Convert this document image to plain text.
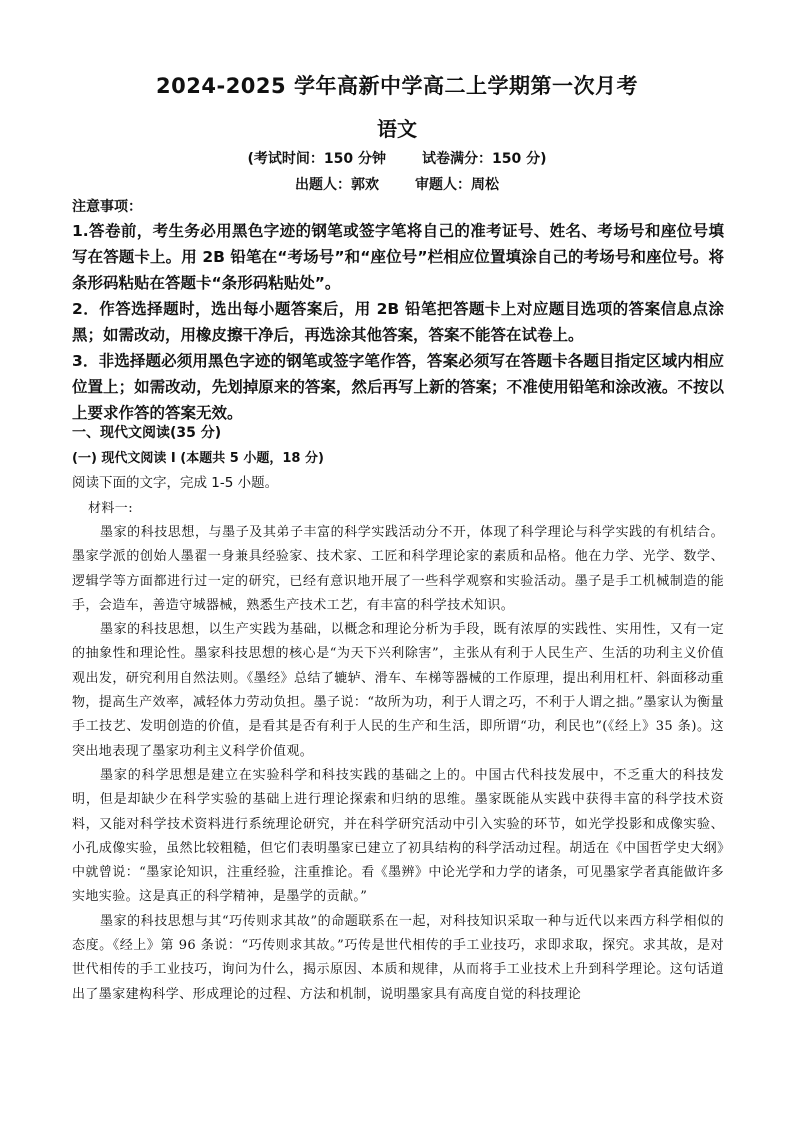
2024-2025 学年高新中学高二上学期第一次月考
语文
(考试时间：150 分钟	试卷满分：150 分)
出题人：郭欢	审题人：周松
注意事项：
1.答卷前，考生务必用黑色字迹的钢笔或签字笔将自己的准考证号、姓名、考场号和座位号填写在答题卡上。用 2B 铅笔在“考场号”和“座位号”栏相应位置填涂自己的考场号和座位号。将条形码粘贴在答题卡“条形码粘贴处”。
2．作答选择题时，选出每小题答案后，用 2B 铅笔把答题卡上对应题目选项的答案信息点涂黑；如需改动，用橡皮擦干净后，再选涂其他答案，答案不能答在试卷上。
3．非选择题必须用黑色字迹的钢笔或签字笔作答，答案必须写在答题卡各题目指定区域内相应位置上；如需改动，先划掉原来的答案，然后再写上新的答案；不准使用铅笔和涂改液。不按以上要求作答的答案无效。
一、现代文阅读(35 分)
(一) 现代文阅读 I (本题共 5 小题，18 分)
阅读下面的文字，完成 1-5 小题。
材料一:

墨家的科技思想，与墨子及其弟子丰富的科学实践活动分不开，体现了科学理论与科学实践的有机结合。墨家学派的创始人墨翟一身兼具经验家、技术家、工匠和科学理论家的素质和品格。他在力学、光学、数学、逻辑学等方面都进行过一定的研究，已经有意识地开展了一些科学观察和实验活动。墨子是手工机械制造的能手，会造车，善造守城器械，熟悉生产技术工艺，有丰富的科学技术知识。

墨家的科技思想，以生产实践为基础，以概念和理论分析为手段，既有浓厚的实践性、实用性，又有一定的抽象性和理论性。墨家科技思想的核心是“为天下兴利除害”，主张从有利于人民生产、生活的功利主义价值观出发，研究利用自然法则。《墨经》总结了辘轳、滑车、车梯等器械的工作原理，提出利用杠杆、斜面移动重物，提高生产效率，减轻体力劳动负担。墨子说：“故所为功，利于人谓之巧，不利于人谓之拙。”墨家认为衡量手工技艺、发明创造的价值，是看其是否有利于人民的生产和生活，即所谓“功，利民也”(《经上》35 条)。这突出地表现了墨家功利主义科学价值观。

墨家的科学思想是建立在实验科学和科技实践的基础之上的。中国古代科技发展中，不乏重大的科技发明，但是却缺少在科学实验的基础上进行理论探索和归纳的思维。墨家既能从实践中获得丰富的科学技术资料，又能对科学技术资料进行系统理论研究，并在科学研究活动中引入实验的环节，如光学投影和成像实验、小孔成像实验，虽然比较粗糙，但它们表明墨家已建立了初具结构的科学活动过程。胡适在《中国哲学史大纲》中就曾说：“墨家论知识，注重经验，注重推论。看《墨辨》中论光学和力学的诸条，可见墨家学者真能做许多实地实验。这是真正的科学精神，是墨学的贡献。”

墨家的科技思想与其“巧传则求其故”的命题联系在一起，对科技知识采取一种与近代以来西方科学相似的态度。《经上》第 96 条说：“巧传则求其故。”巧传是世代相传的手工业技巧，求即求取，探究。求其故，是对世代相传的手工业技巧，询问为什么，揭示原因、本质和规律，从而将手工业技术上升到科学理论。这句话道出了墨家建构科学、形成理论的过程、方法和机制，说明墨家具有高度自觉的科技理论
